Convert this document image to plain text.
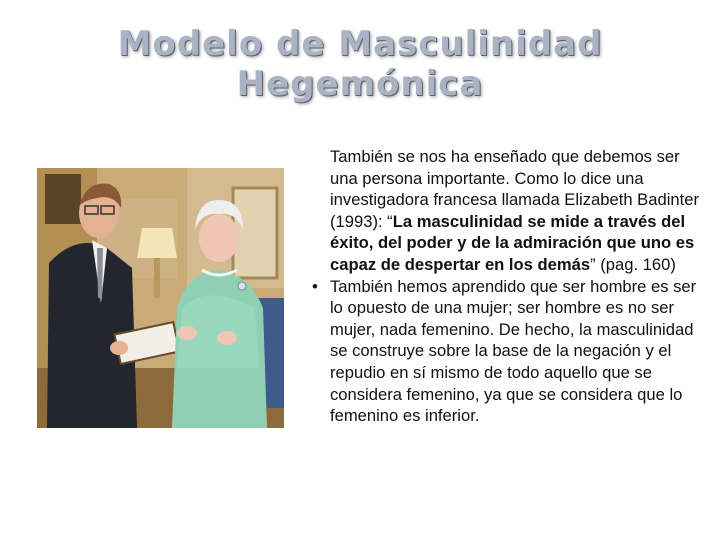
Modelo de Masculinidad
Hegemónica

También se nos ha enseñado que debemos ser una persona importante. Como lo dice una investigadora francesa llamada Elizabeth Badinter (1993): “La masculinidad se mide a través del éxito, del poder y de la admiración que uno es capaz de despertar en los demás” (pag. 160)

• También hemos aprendido que ser hombre es ser lo opuesto de una mujer; ser hombre es no ser mujer, nada femenino. De hecho, la masculinidad se construye sobre la base de la negación y el repudio en sí mismo de todo aquello que se considera femenino, ya que se considera que lo femenino es inferior.
